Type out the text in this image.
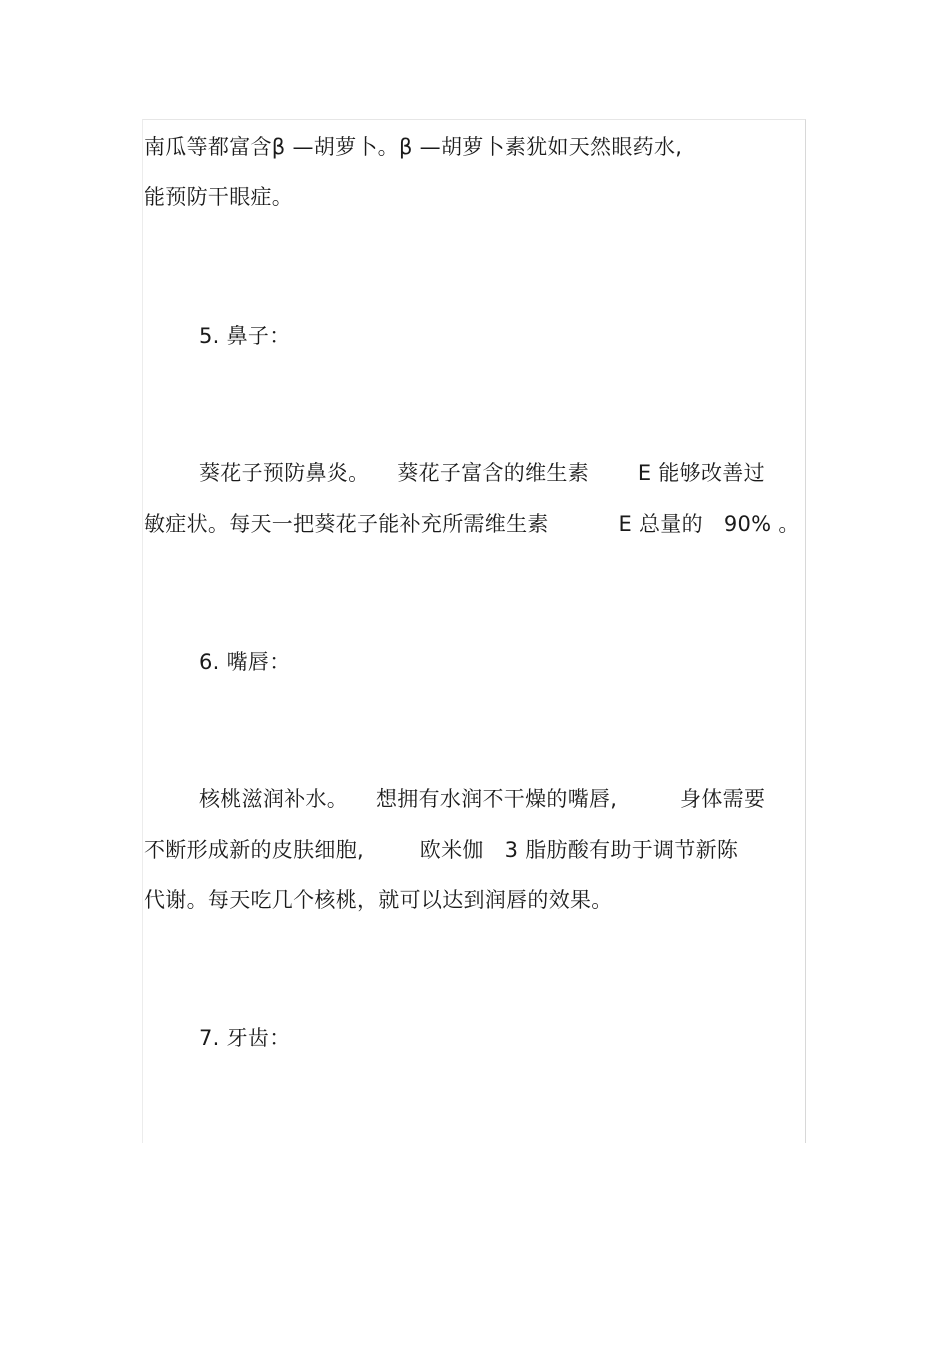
南瓜等都富含β —胡萝卜。β —胡萝卜素犹如天然眼药水,
能预防干眼症。
5. 鼻子：
葵花子预防鼻炎。    葵花子富含的维生素       E 能够改善过
敏症状。每天一把葵花子能补充所需维生素          E 总量的   90% 。
6. 嘴唇：
核桃滋润补水。    想拥有水润不干燥的嘴唇,         身体需要
不断形成新的皮肤细胞,        欧米伽   3 脂肪酸有助于调节新陈
代谢。每天吃几个核桃，就可以达到润唇的效果。
7. 牙齿：
